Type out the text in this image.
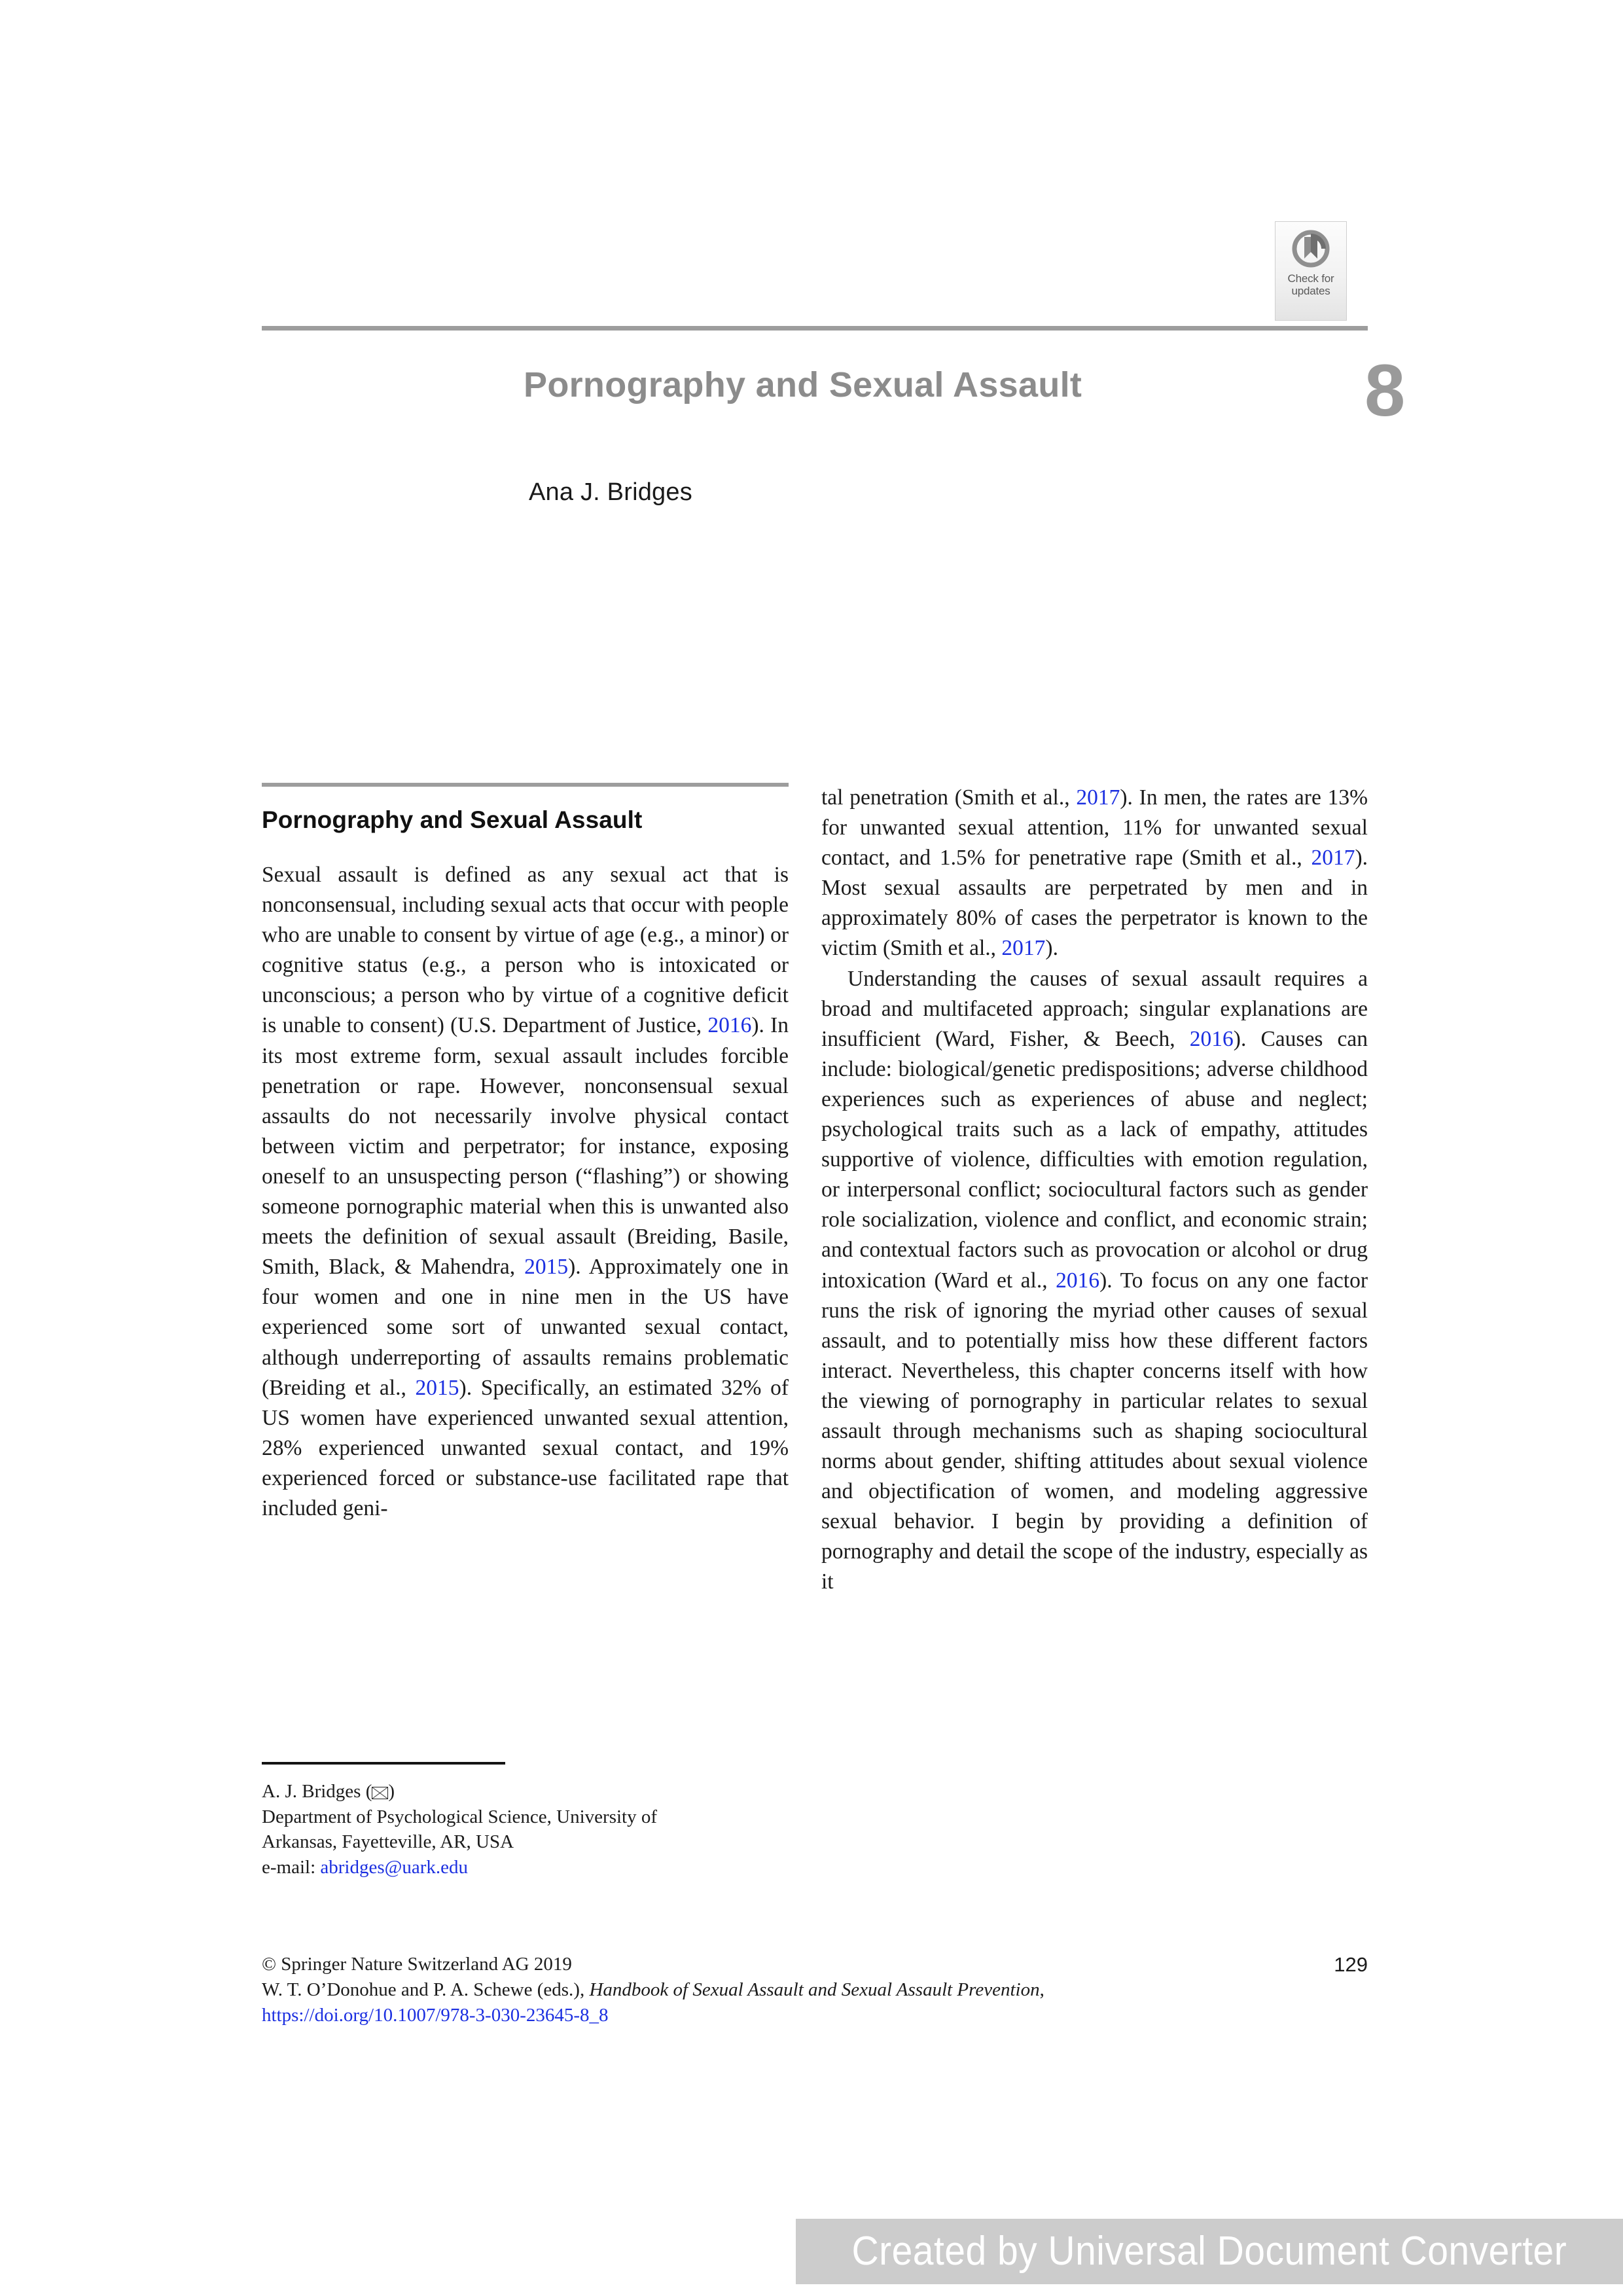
Check for
updates
Pornography and Sexual Assault	8
Ana J. Bridges
Pornography and Sexual Assault

Sexual assault is defined as any sexual act that is nonconsensual, including sexual acts that occur with people who are unable to consent by virtue of age (e.g., a minor) or cognitive status (e.g., a person who is intoxicated or unconscious; a person who by virtue of a cognitive deficit is unable to consent) (U.S. Department of Justice, 2016). In its most extreme form, sexual assault includes forcible penetration or rape. However, nonconsensual sexual assaults do not necessarily involve physical contact between victim and perpetrator; for instance, exposing oneself to an unsuspecting person (“flashing”) or showing someone pornographic material when this is unwanted also meets the definition of sexual assault (Breiding, Basile, Smith, Black, & Mahendra, 2015). Approximately one in four women and one in nine men in the US have experienced some sort of unwanted sexual contact, although underreporting of assaults remains problematic (Breiding et al., 2015). Specifically, an estimated 32% of US women have experienced unwanted sexual attention, 28% experienced unwanted sexual contact, and 19% experienced forced or substance-use facilitated rape that included geni-

tal penetration (Smith et al., 2017). In men, the rates are 13% for unwanted sexual attention, 11% for unwanted sexual contact, and 1.5% for penetrative rape (Smith et al., 2017). Most sexual assaults are perpetrated by men and in approximately 80% of cases the perpetrator is known to the victim (Smith et al., 2017).

Understanding the causes of sexual assault requires a broad and multifaceted approach; singular explanations are insufficient (Ward, Fisher, & Beech, 2016). Causes can include: biological/genetic predispositions; adverse childhood experiences such as experiences of abuse and neglect; psychological traits such as a lack of empathy, attitudes supportive of violence, difficulties with emotion regulation, or interpersonal conflict; sociocultural factors such as gender role socialization, violence and conflict, and economic strain; and contextual factors such as provocation or alcohol or drug intoxication (Ward et al., 2016). To focus on any one factor runs the risk of ignoring the myriad other causes of sexual assault, and to potentially miss how these different factors interact. Nevertheless, this chapter concerns itself with how the viewing of pornography in particular relates to sexual assault through mechanisms such as shaping sociocultural norms about gender, shifting attitudes about sexual violence and objectification of women, and modeling aggressive sexual behavior. I begin by providing a definition of pornography and detail the scope of the industry, especially as it

A. J. Bridges ( )
Department of Psychological Science, University of
Arkansas, Fayetteville, AR, USA
e-mail: abridges@uark.edu
© Springer Nature Switzerland AG 2019
W. T. O’Donohue and P. A. Schewe (eds.), Handbook of Sexual Assault and Sexual Assault Prevention,
https://doi.org/10.1007/978-3-030-23645-8_8
129
Created by Universal Document Converter
